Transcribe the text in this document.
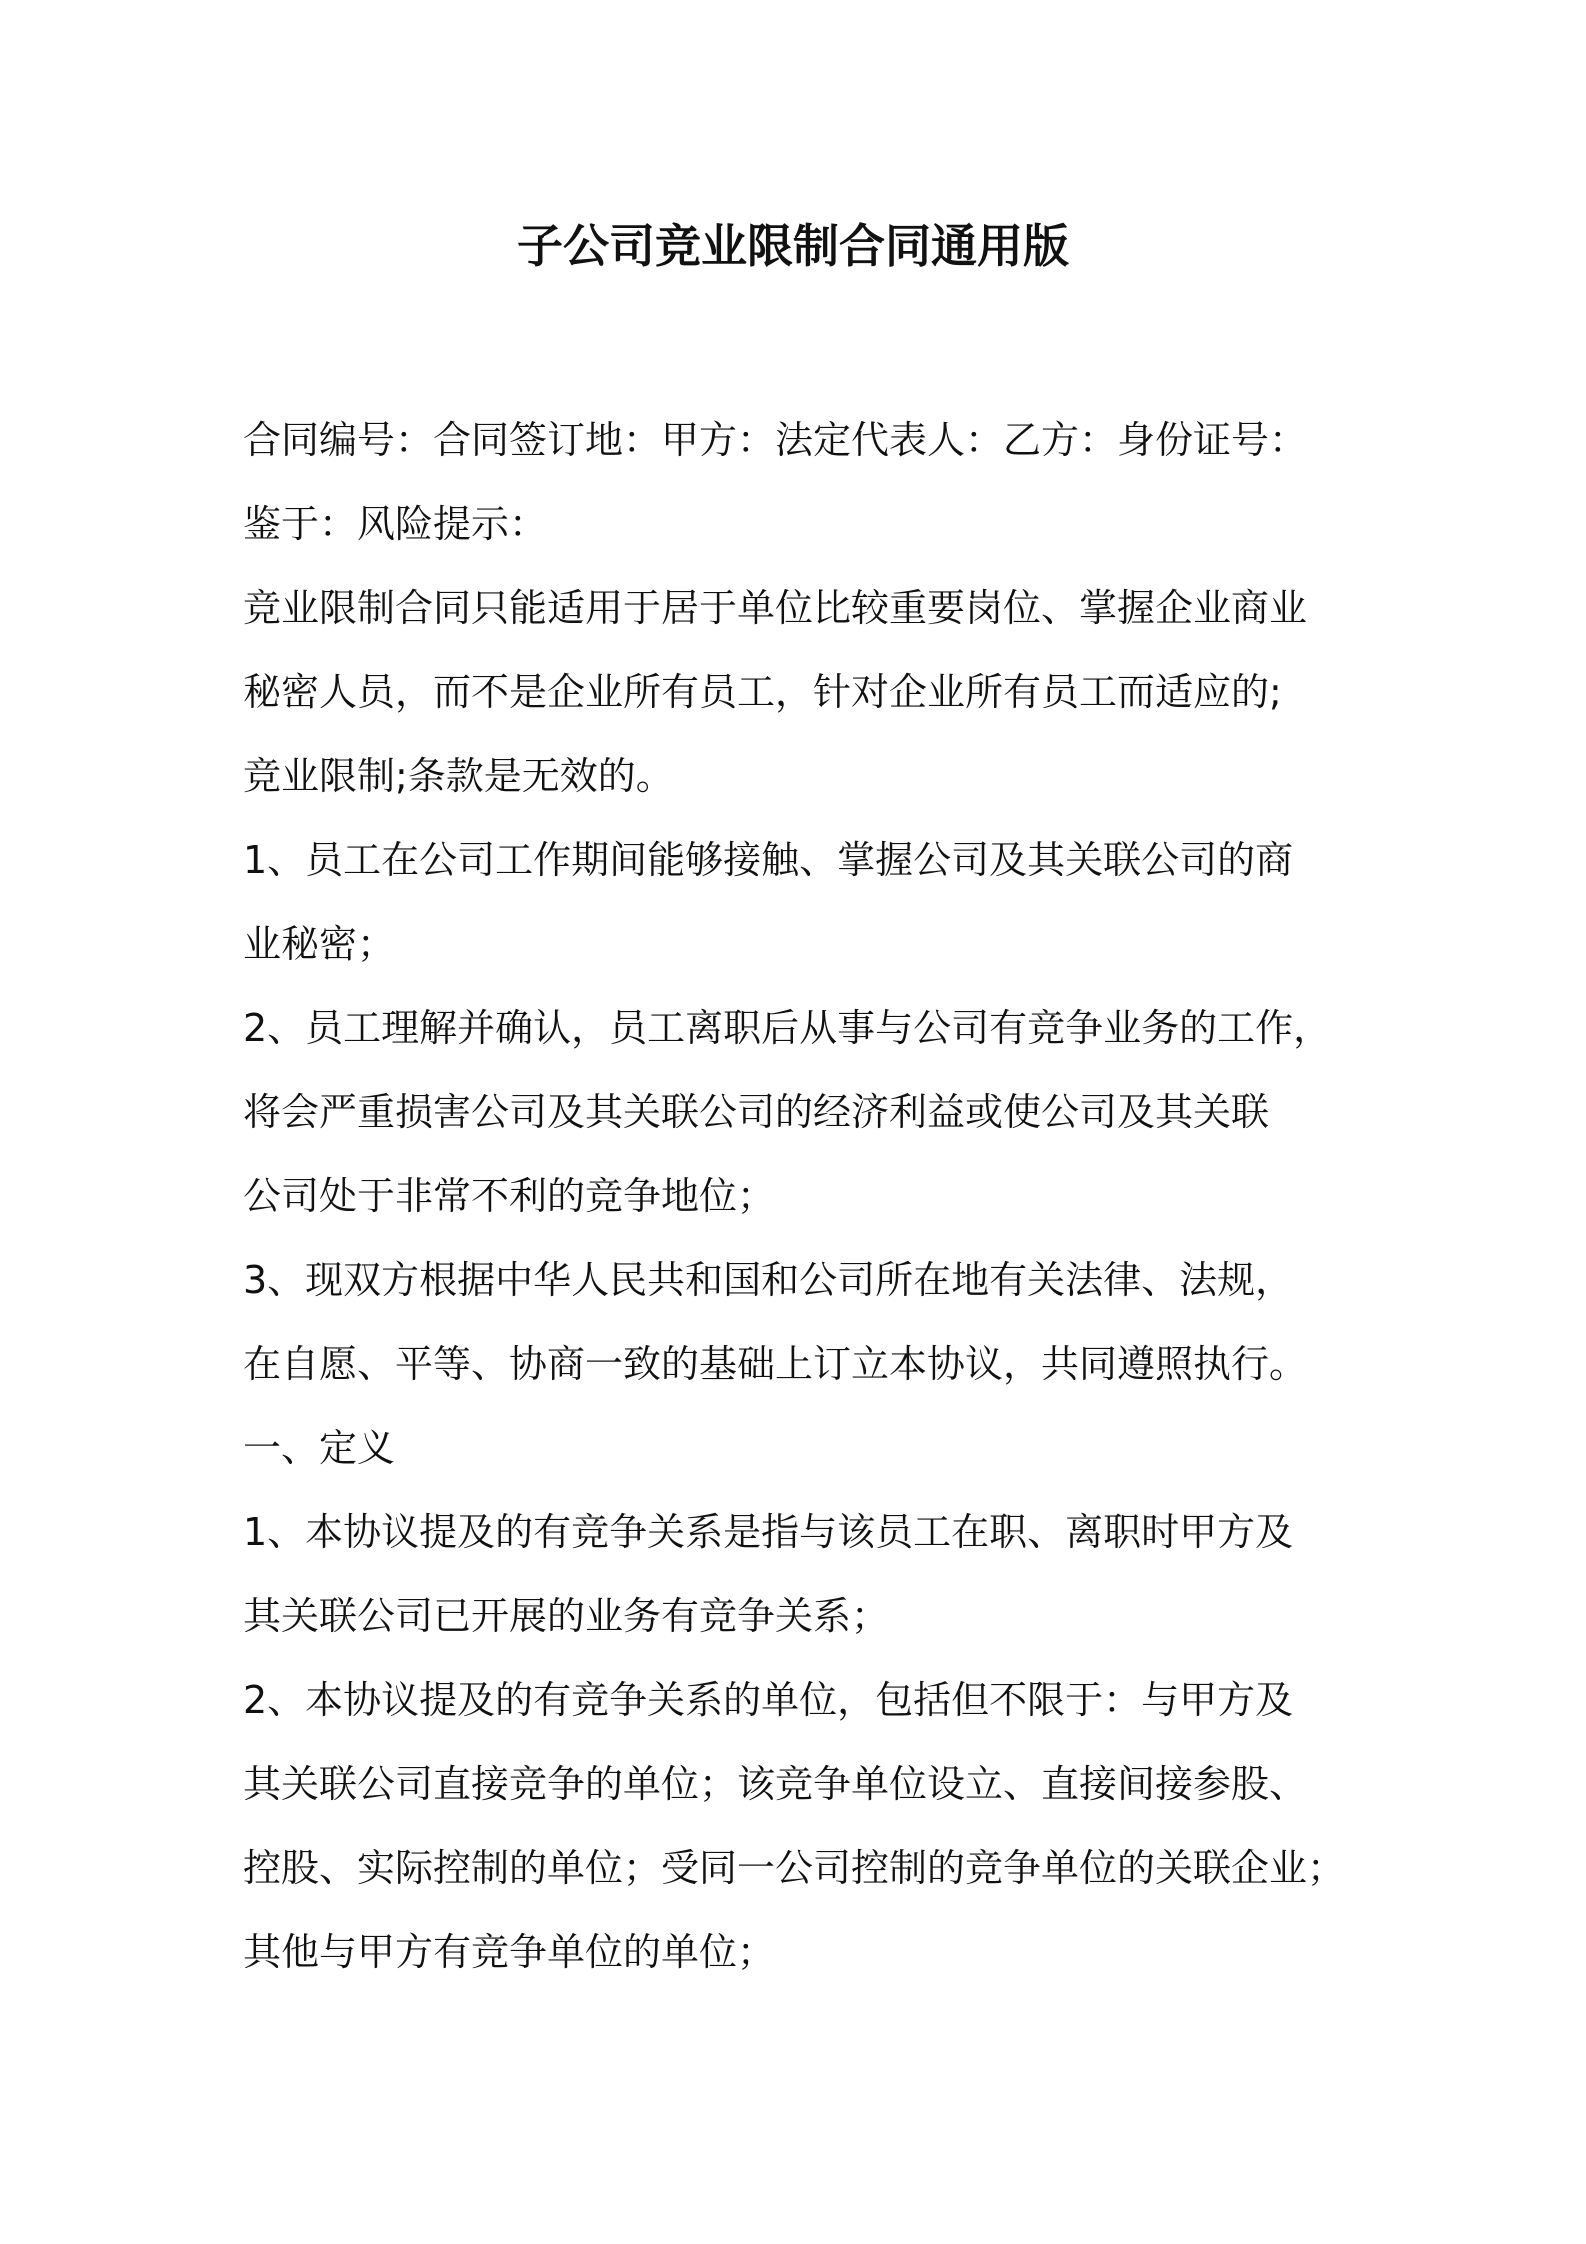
子公司竞业限制合同通用版
合同编号：合同签订地：甲方：法定代表人：乙方：身份证号：
鉴于：风险提示：
竞业限制合同只能适用于居于单位比较重要岗位、掌握企业商业
秘密人员，而不是企业所有员工，针对企业所有员工而适应的;
竞业限制;条款是无效的。
1、员工在公司工作期间能够接触、掌握公司及其关联公司的商
业秘密；
2、员工理解并确认，员工离职后从事与公司有竞争业务的工作，
将会严重损害公司及其关联公司的经济利益或使公司及其关联
公司处于非常不利的竞争地位；
3、现双方根据中华人民共和国和公司所在地有关法律、法规，
在自愿、平等、协商一致的基础上订立本协议，共同遵照执行。
一、定义
1、本协议提及的有竞争关系是指与该员工在职、离职时甲方及
其关联公司已开展的业务有竞争关系；
2、本协议提及的有竞争关系的单位，包括但不限于：与甲方及
其关联公司直接竞争的单位；该竞争单位设立、直接间接参股、
控股、实际控制的单位；受同一公司控制的竞争单位的关联企业；
其他与甲方有竞争单位的单位；
